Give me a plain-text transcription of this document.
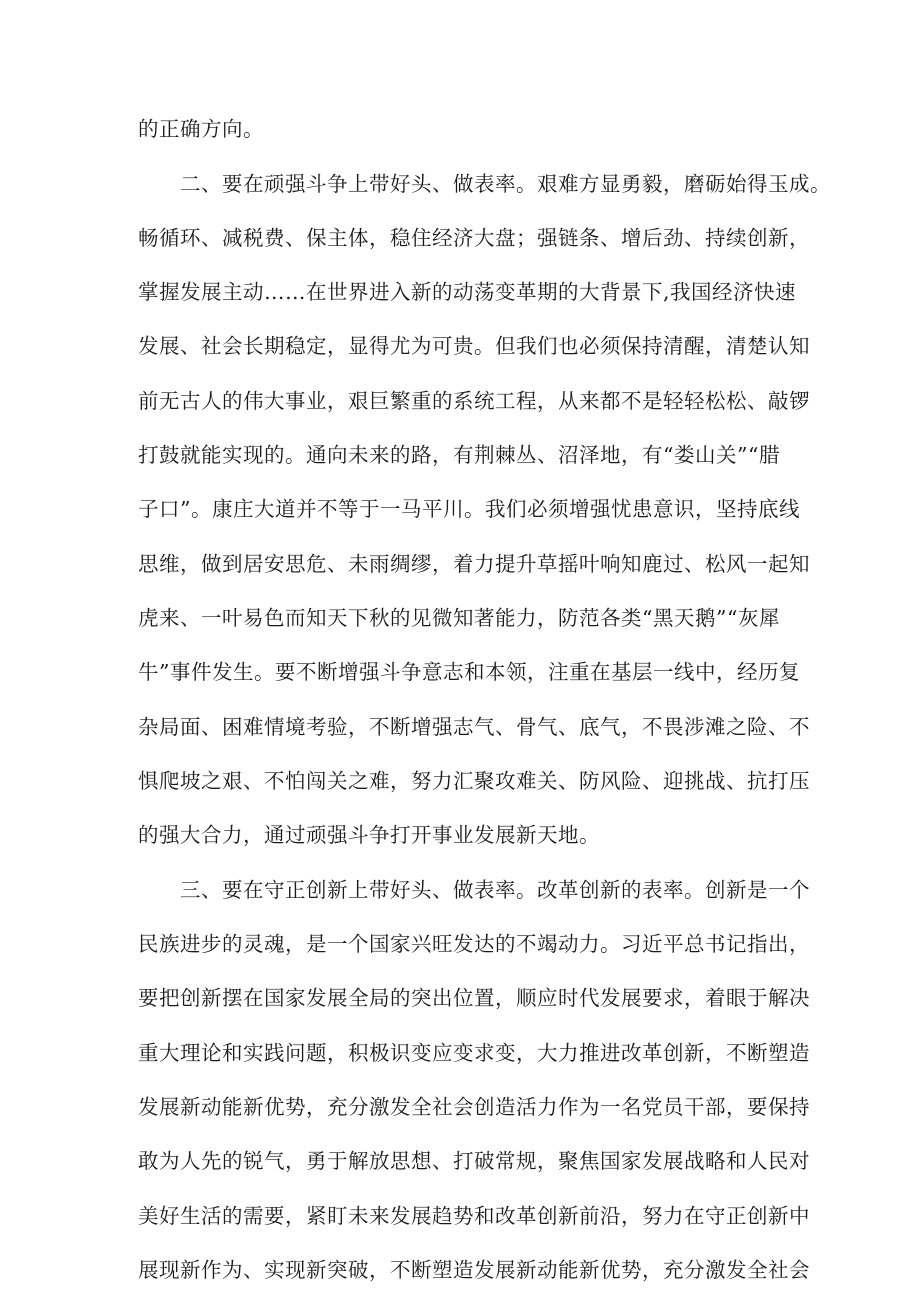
的正确方向。
　　二、要在顽强斗争上带好头、做表率。艰难方显勇毅，磨砺始得玉成。
畅循环、减税费、保主体，稳住经济大盘；强链条、增后劲、持续创新，
掌握发展主动……在世界进入新的动荡变革期的大背景下,我国经济快速
发展、社会长期稳定，显得尤为可贵。但我们也必须保持清醒，清楚认知
前无古人的伟大事业，艰巨繁重的系统工程，从来都不是轻轻松松、敲锣
打鼓就能实现的。通向未来的路，有荆棘丛、沼泽地，有“娄山关”“腊
子口”。康庄大道并不等于一马平川。我们必须增强忧患意识，坚持底线
思维，做到居安思危、未雨绸缪，着力提升草摇叶响知鹿过、松风一起知
虎来、一叶易色而知天下秋的见微知著能力，防范各类“黑天鹅”“灰犀
牛”事件发生。要不断增强斗争意志和本领，注重在基层一线中，经历复
杂局面、困难情境考验，不断增强志气、骨气、底气，不畏涉滩之险、不
惧爬坡之艰、不怕闯关之难，努力汇聚攻难关、防风险、迎挑战、抗打压
的强大合力，通过顽强斗争打开事业发展新天地。
　　三、要在守正创新上带好头、做表率。改革创新的表率。创新是一个
民族进步的灵魂，是一个国家兴旺发达的不竭动力。习近平总书记指出，
要把创新摆在国家发展全局的突出位置，顺应时代发展要求，着眼于解决
重大理论和实践问题，积极识变应变求变，大力推进改革创新，不断塑造
发展新动能新优势，充分激发全社会创造活力作为一名党员干部，要保持
敢为人先的锐气，勇于解放思想、打破常规，聚焦国家发展战略和人民对
美好生活的需要，紧盯未来发展趋势和改革创新前沿，努力在守正创新中
展现新作为、实现新突破，不断塑造发展新动能新优势，充分激发全社会
